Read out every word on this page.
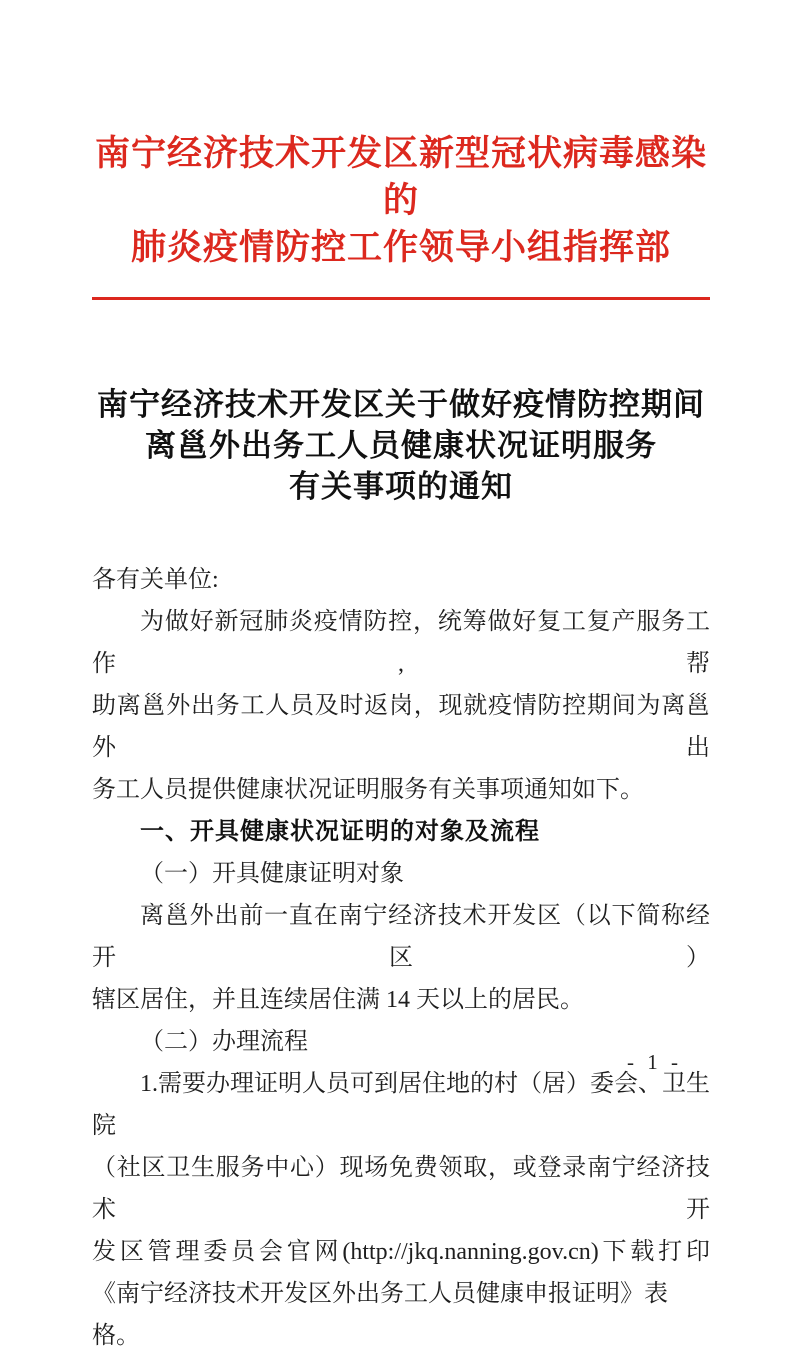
南宁经济技术开发区新型冠状病毒感染的
肺炎疫情防控工作领导小组指挥部
南宁经济技术开发区关于做好疫情防控期间
离邕外出务工人员健康状况证明服务
有关事项的通知
各有关单位:
为做好新冠肺炎疫情防控，统筹做好复工复产服务工作,帮
助离邕外出务工人员及时返岗，现就疫情防控期间为离邕外出
务工人员提供健康状况证明服务有关事项通知如下。
一、开具健康状况证明的对象及流程
（一）开具健康证明对象
离邕外出前一直在南宁经济技术开发区（以下简称经开区）
辖区居住，并且连续居住满 14 天以上的居民。
（二）办理流程
1.需要办理证明人员可到居住地的村（居）委会、卫生院
（社区卫生服务中心）现场免费领取，或登录南宁经济技术开
发区管理委员会官网(http://jkq.nanning.gov.cn)下载打印
《南宁经济技术开发区外出务工人员健康申报证明》表格。
- 1 -
